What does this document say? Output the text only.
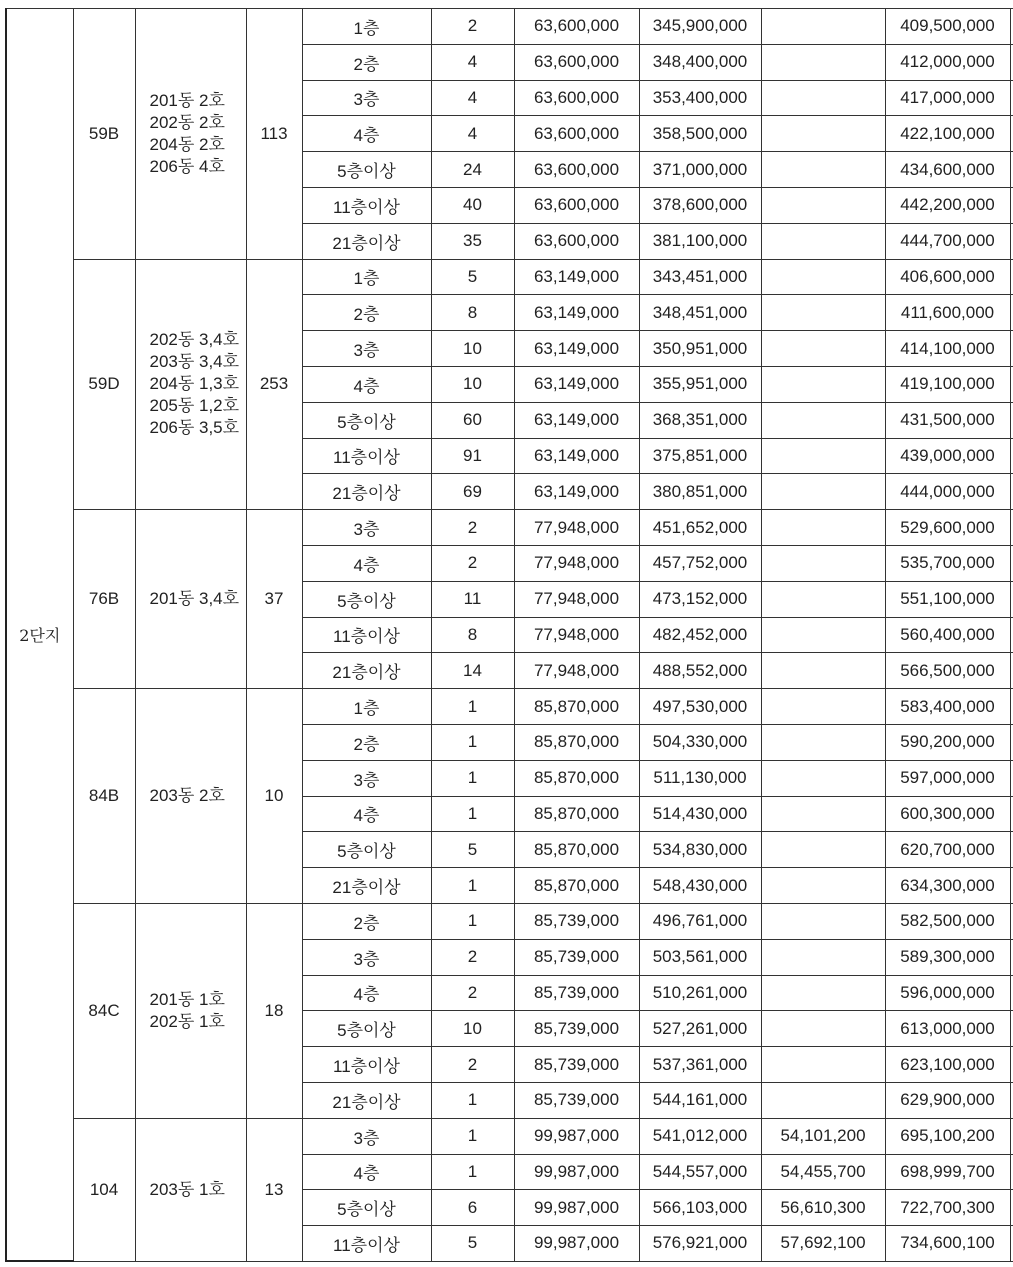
2단지	59B	201동 2호
202동 2호
204동 2호
206동 4호	113	1층	2	63,600,000	345,900,000		409,500,000	
				2층	4	63,600,000	348,400,000		412,000,000	
				3층	4	63,600,000	353,400,000		417,000,000	
				4층	4	63,600,000	358,500,000		422,100,000	
				5층이상	24	63,600,000	371,000,000		434,600,000	
				11층이상	40	63,600,000	378,600,000		442,200,000	
				21층이상	35	63,600,000	381,100,000		444,700,000	
	59D	202동 3,4호
203동 3,4호
204동 1,3호
205동 1,2호
206동 3,5호	253	1층	5	63,149,000	343,451,000		406,600,000	
				2층	8	63,149,000	348,451,000		411,600,000	
				3층	10	63,149,000	350,951,000		414,100,000	
				4층	10	63,149,000	355,951,000		419,100,000	
				5층이상	60	63,149,000	368,351,000		431,500,000	
				11층이상	91	63,149,000	375,851,000		439,000,000	
				21층이상	69	63,149,000	380,851,000		444,000,000	
	76B	201동 3,4호	37	3층	2	77,948,000	451,652,000		529,600,000	
				4층	2	77,948,000	457,752,000		535,700,000	
				5층이상	11	77,948,000	473,152,000		551,100,000	
				11층이상	8	77,948,000	482,452,000		560,400,000	
				21층이상	14	77,948,000	488,552,000		566,500,000	
	84B	203동 2호	10	1층	1	85,870,000	497,530,000		583,400,000	
				2층	1	85,870,000	504,330,000		590,200,000	
				3층	1	85,870,000	511,130,000		597,000,000	
				4층	1	85,870,000	514,430,000		600,300,000	
				5층이상	5	85,870,000	534,830,000		620,700,000	
				21층이상	1	85,870,000	548,430,000		634,300,000	
	84C	201동 1호
202동 1호	18	2층	1	85,739,000	496,761,000		582,500,000	
				3층	2	85,739,000	503,561,000		589,300,000	
				4층	2	85,739,000	510,261,000		596,000,000	
				5층이상	10	85,739,000	527,261,000		613,000,000	
				11층이상	2	85,739,000	537,361,000		623,100,000	
				21층이상	1	85,739,000	544,161,000		629,900,000	
	104	203동 1호	13	3층	1	99,987,000	541,012,000	54,101,200	695,100,200	
				4층	1	99,987,000	544,557,000	54,455,700	698,999,700	
				5층이상	6	99,987,000	566,103,000	56,610,300	722,700,300	
				11층이상	5	99,987,000	576,921,000	57,692,100	734,600,100	
